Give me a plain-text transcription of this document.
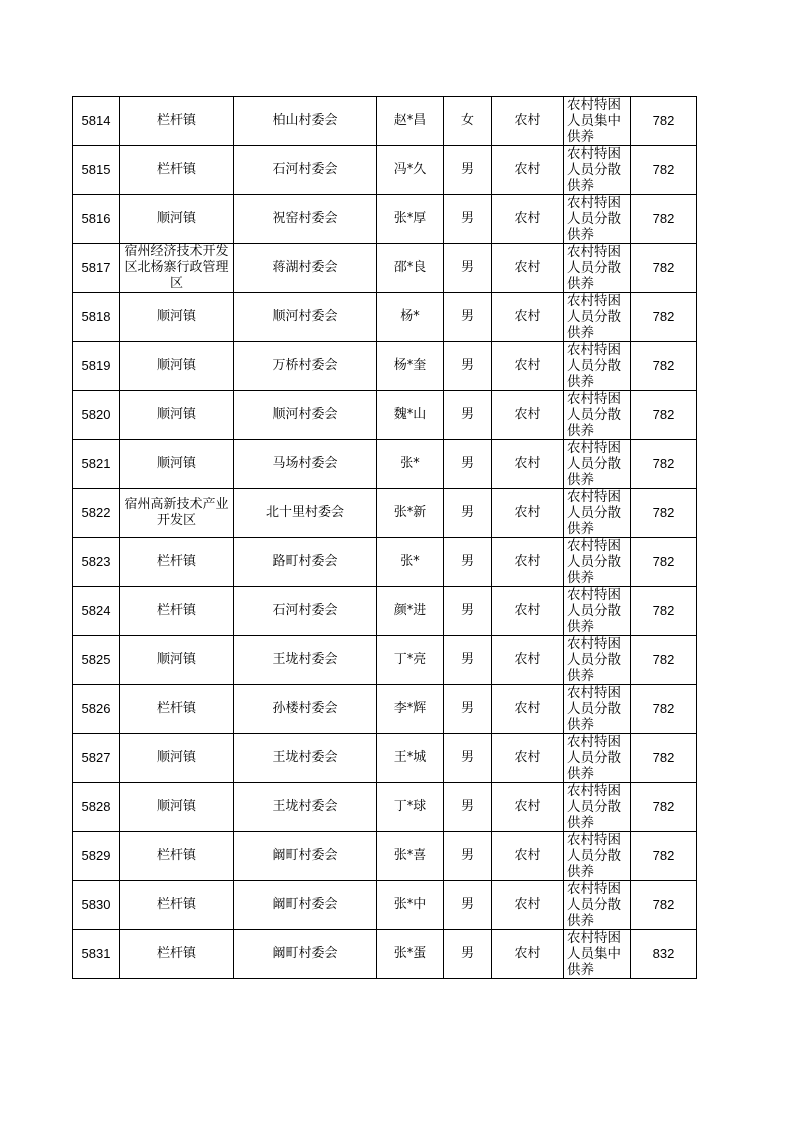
5814	栏杆镇	柏山村委会	赵*昌	女	农村	农村特困人员集中供养	782
5815	栏杆镇	石河村委会	冯*久	男	农村	农村特困人员分散供养	782
5816	顺河镇	祝窑村委会	张*厚	男	农村	农村特困人员分散供养	782
5817	宿州经济技术开发区北杨寨行政管理区	蒋湖村委会	邵*良	男	农村	农村特困人员分散供养	782
5818	顺河镇	顺河村委会	杨*	男	农村	农村特困人员分散供养	782
5819	顺河镇	万桥村委会	杨*奎	男	农村	农村特困人员分散供养	782
5820	顺河镇	顺河村委会	魏*山	男	农村	农村特困人员分散供养	782
5821	顺河镇	马场村委会	张*	男	农村	农村特困人员分散供养	782
5822	宿州高新技术产业开发区	北十里村委会	张*新	男	农村	农村特困人员分散供养	782
5823	栏杆镇	路町村委会	张*	男	农村	农村特困人员分散供养	782
5824	栏杆镇	石河村委会	颜*进	男	农村	农村特困人员分散供养	782
5825	顺河镇	王垅村委会	丁*亮	男	农村	农村特困人员分散供养	782
5826	栏杆镇	孙楼村委会	李*辉	男	农村	农村特困人员分散供养	782
5827	顺河镇	王垅村委会	王*城	男	农村	农村特困人员分散供养	782
5828	顺河镇	王垅村委会	丁*球	男	农村	农村特困人员分散供养	782
5829	栏杆镇	阚町村委会	张*喜	男	农村	农村特困人员分散供养	782
5830	栏杆镇	阚町村委会	张*中	男	农村	农村特困人员分散供养	782
5831	栏杆镇	阚町村委会	张*蛋	男	农村	农村特困人员集中供养	832
